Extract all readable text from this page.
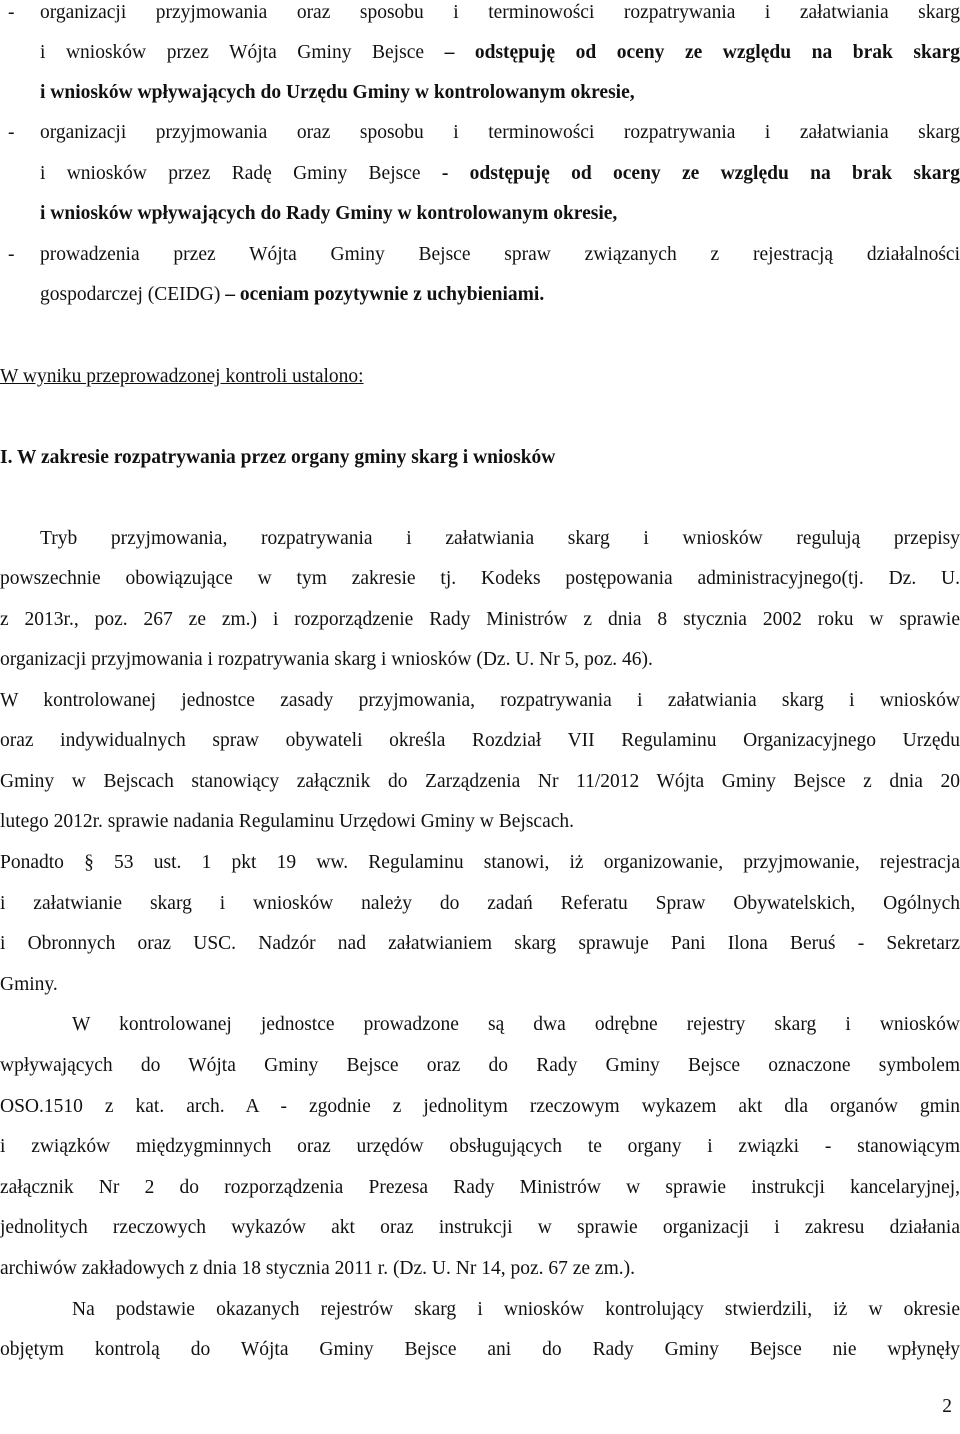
-	organizacji przyjmowania oraz sposobu i terminowości rozpatrywania i załatwiania skarg

i wniosków przez Wójta Gminy Bejsce – odstępuję od oceny ze względu na brak skarg

i wniosków wpływających do Urzędu Gminy w kontrolowanym okresie,

-	organizacji przyjmowania oraz sposobu i terminowości rozpatrywania i załatwiania skarg

i wniosków przez Radę Gminy Bejsce - odstępuję od oceny ze względu na brak skarg

i wniosków wpływających do Rady Gminy w kontrolowanym okresie,

-	prowadzenia przez Wójta Gminy Bejsce spraw związanych z rejestracją działalności

gospodarczej (CEIDG) – oceniam pozytywnie z uchybieniami.

W wyniku przeprowadzonej kontroli ustalono:

I. W zakresie rozpatrywania przez organy gminy skarg i wniosków

Tryb przyjmowania, rozpatrywania i załatwiania skarg i wniosków regulują przepisy

powszechnie obowiązujące w tym zakresie tj. Kodeks postępowania administracyjnego(tj. Dz. U.

z 2013r., poz. 267 ze zm.) i rozporządzenie Rady Ministrów z dnia 8 stycznia 2002 roku w sprawie

organizacji przyjmowania i rozpatrywania skarg i wniosków (Dz. U. Nr 5, poz. 46).

W kontrolowanej jednostce zasady przyjmowania, rozpatrywania i załatwiania skarg i wniosków

oraz indywidualnych spraw obywateli określa Rozdział VII Regulaminu Organizacyjnego Urzędu

Gminy w Bejscach stanowiący załącznik do Zarządzenia Nr 11/2012 Wójta Gminy Bejsce z dnia 20

lutego 2012r. sprawie nadania Regulaminu Urzędowi Gminy w Bejscach.

Ponadto § 53 ust. 1 pkt 19 ww. Regulaminu stanowi, iż organizowanie, przyjmowanie, rejestracja

i załatwianie skarg i wniosków należy do zadań Referatu Spraw Obywatelskich, Ogólnych

i Obronnych oraz USC. Nadzór nad załatwianiem skarg sprawuje Pani Ilona Beruś - Sekretarz

Gminy.

W kontrolowanej jednostce prowadzone są dwa odrębne rejestry skarg i wniosków

wpływających do Wójta Gminy Bejsce oraz do Rady Gminy Bejsce oznaczone symbolem

OSO.1510 z kat. arch. A - zgodnie z jednolitym rzeczowym wykazem akt dla organów gmin

i związków międzygminnych oraz urzędów obsługujących te organy i związki - stanowiącym

załącznik Nr 2 do rozporządzenia Prezesa Rady Ministrów w sprawie instrukcji kancelaryjnej,

jednolitych rzeczowych wykazów akt oraz instrukcji w sprawie organizacji i zakresu działania

archiwów zakładowych z dnia 18 stycznia 2011 r. (Dz. U. Nr 14, poz. 67 ze zm.).

Na podstawie okazanych rejestrów skarg i wniosków kontrolujący stwierdzili, iż w okresie

objętym kontrolą do Wójta Gminy Bejsce ani do Rady Gminy Bejsce nie wpłynęły

2
